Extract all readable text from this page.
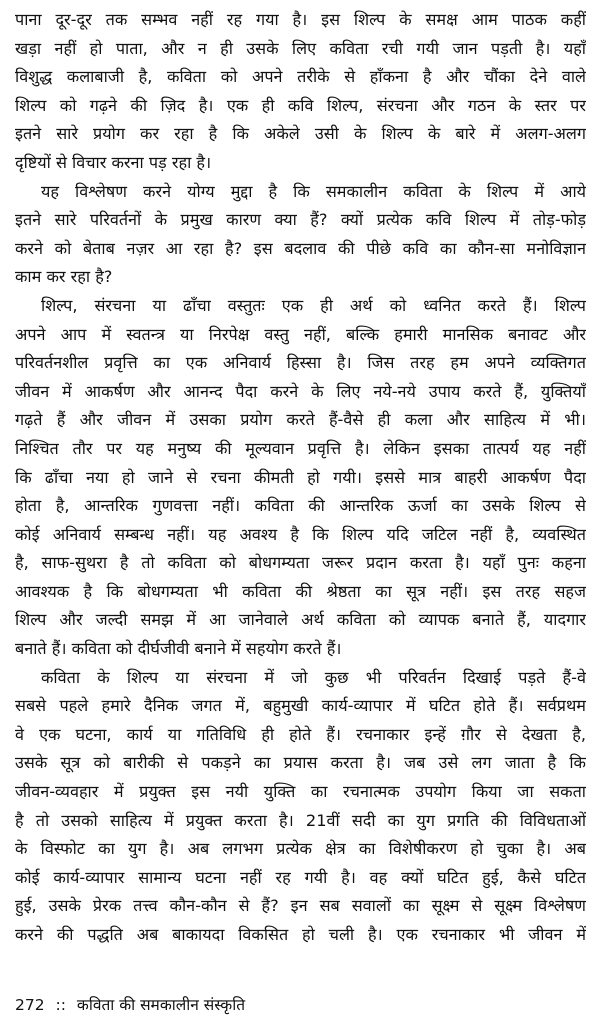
पाना दूर-दूर तक सम्भव नहीं रह गया है। इस शिल्प के समक्ष आम पाठक कहीं
खड़ा नहीं हो पाता, और न ही उसके लिए कविता रची गयी जान पड़ती है। यहाँ
विशुद्ध कलाबाजी है, कविता को अपने तरीके से हाँकना है और चौंका देने वाले
शिल्प को गढ़ने की ज़िद है। एक ही कवि शिल्प, संरचना और गठन के स्तर पर
इतने सारे प्रयोग कर रहा है कि अकेले उसी के शिल्प के बारे में अलग-अलग
दृष्टियों से विचार करना पड़ रहा है।
यह विश्लेषण करने योग्य मुद्दा है कि समकालीन कविता के शिल्प में आये
इतने सारे परिवर्तनों के प्रमुख कारण क्या हैं? क्यों प्रत्येक कवि शिल्प में तोड़-फोड़
करने को बेताब नज़र आ रहा है? इस बदलाव की पीछे कवि का कौन-सा मनोविज्ञान
काम कर रहा है?
शिल्प, संरचना या ढाँचा वस्तुतः एक ही अर्थ को ध्वनित करते हैं। शिल्प
अपने आप में स्वतन्त्र या निरपेक्ष वस्तु नहीं, बल्कि हमारी मानसिक बनावट और
परिवर्तनशील प्रवृत्ति का एक अनिवार्य हिस्सा है। जिस तरह हम अपने व्यक्तिगत
जीवन में आकर्षण और आनन्द पैदा करने के लिए नये-नये उपाय करते हैं, युक्तियाँ
गढ़ते हैं और जीवन में उसका प्रयोग करते हैं-वैसे ही कला और साहित्य में भी।
निश्चित तौर पर यह मनुष्य की मूल्यवान प्रवृत्ति है। लेकिन इसका तात्पर्य यह नहीं
कि ढाँचा नया हो जाने से रचना कीमती हो गयी। इससे मात्र बाहरी आकर्षण पैदा
होता है, आन्तरिक गुणवत्ता नहीं। कविता की आन्तरिक ऊर्जा का उसके शिल्प से
कोई अनिवार्य सम्बन्ध नहीं। यह अवश्य है कि शिल्प यदि जटिल नहीं है, व्यवस्थित
है, साफ-सुथरा है तो कविता को बोधगम्यता जरूर प्रदान करता है। यहाँ पुनः कहना
आवश्यक है कि बोधगम्यता भी कविता की श्रेष्ठता का सूत्र नहीं। इस तरह सहज
शिल्प और जल्दी समझ में आ जानेवाले अर्थ कविता को व्यापक बनाते हैं, यादगार
बनाते हैं। कविता को दीर्घजीवी बनाने में सहयोग करते हैं।
कविता के शिल्प या संरचना में जो कुछ भी परिवर्तन दिखाई पड़ते हैं-वे
सबसे पहले हमारे दैनिक जगत में, बहुमुखी कार्य-व्यापार में घटित होते हैं। सर्वप्रथम
वे एक घटना, कार्य या गतिविधि ही होते हैं। रचनाकार इन्हें ग़ौर से देखता है,
उसके सूत्र को बारीकी से पकड़ने का प्रयास करता है। जब उसे लग जाता है कि
जीवन-व्यवहार में प्रयुक्त इस नयी युक्ति का रचनात्मक उपयोग किया जा सकता
है तो उसको साहित्य में प्रयुक्त करता है। 21वीं सदी का युग प्रगति की विविधताओं
के विस्फोट का युग है। अब लगभग प्रत्येक क्षेत्र का विशेषीकरण हो चुका है। अब
कोई कार्य-व्यापार सामान्य घटना नहीं रह गयी है। वह क्यों घटित हुई, कैसे घटित
हुई, उसके प्रेरक तत्त्व कौन-कौन से हैं? इन सब सवालों का सूक्ष्म से सूक्ष्म विश्लेषण
करने की पद्धति अब बाकायदा विकसित हो चली है। एक रचनाकार भी जीवन में
272 :: कविता की समकालीन संस्कृति
